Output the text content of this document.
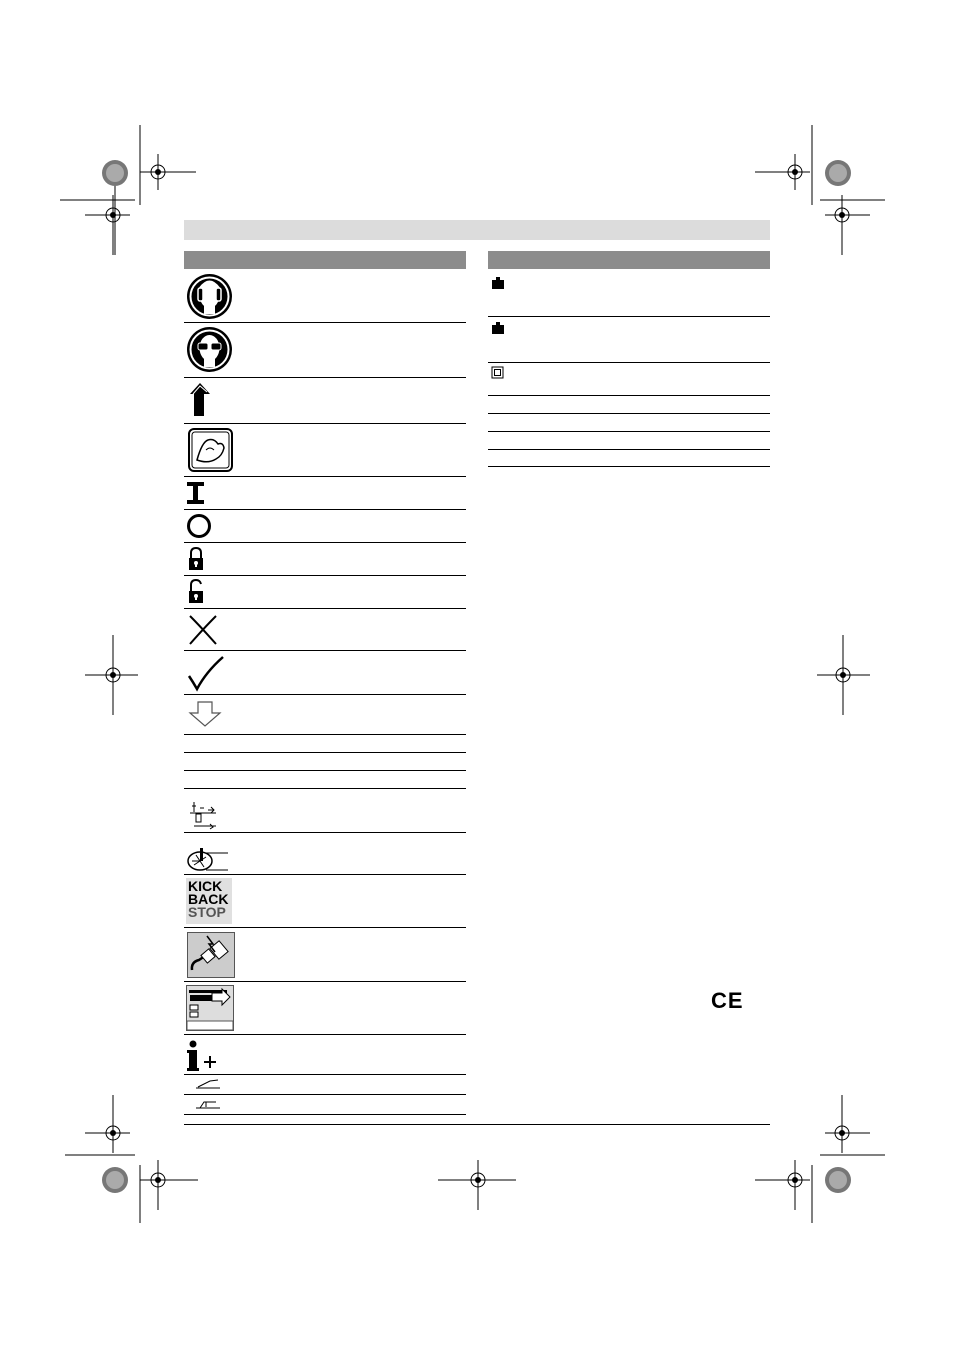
KICK
BACK
STOP
CE
